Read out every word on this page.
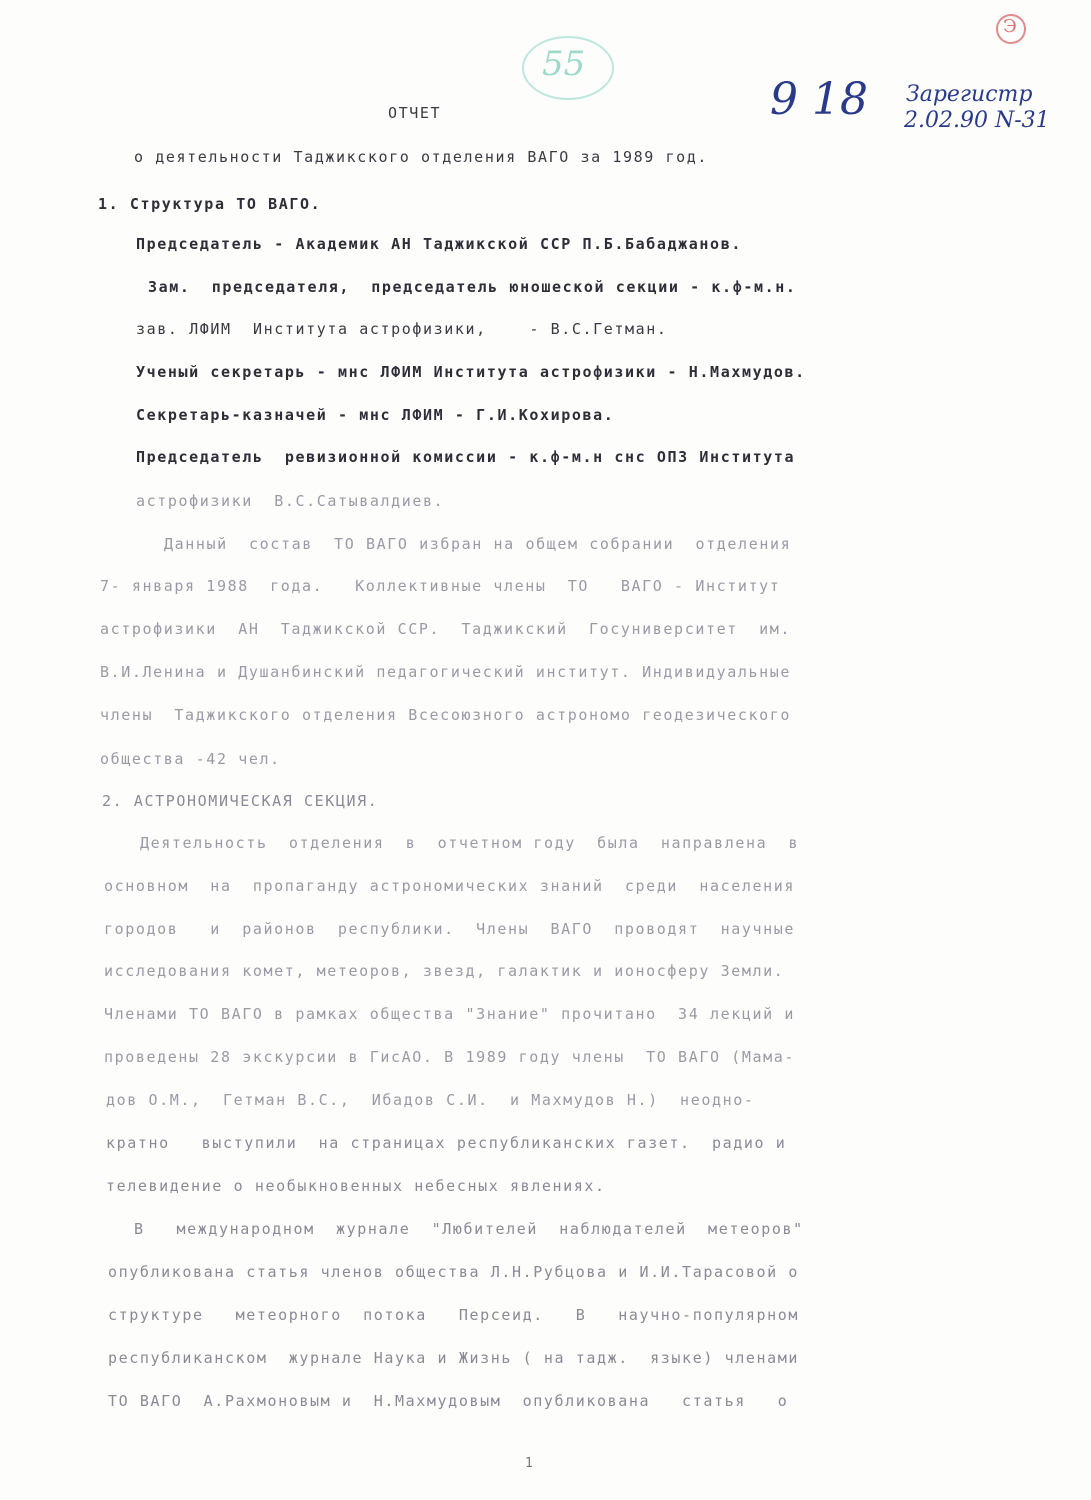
55
Э
9 18 Зарегистр
2.02.90 N-31
ОТЧЕТ
о деятельности Таджикского отделения ВАГО за 1989 год.
1. Структура ТО ВАГО.
Председатель - Академик АН Таджикской ССР П.Б.Бабаджанов.
Зам.  председателя,  председатель юношеской секции - к.ф-м.н.
зав. ЛФИМ  Института астрофизики,    - В.С.Гетман.
Ученый секретарь - мнс ЛФИМ Института астрофизики - Н.Махмудов.
Секретарь-казначей - мнс ЛФИМ - Г.И.Кохирова.
Председатель  ревизионной комиссии - к.ф-м.н снс ОПЗ Института
астрофизики  В.С.Сатывалдиев.
Данный  состав  ТО ВАГО избран на общем собрании  отделения
7- января 1988  года.   Коллективные члены  ТО   ВАГО - Институт
астрофизики  АН  Таджикской ССР.  Таджикский  Госуниверситет  им.
В.И.Ленина и Душанбинский педагогический институт. Индивидуальные
члены  Таджикского отделения Всесоюзного астрономо геодезического
общества -42 чел.
2. АСТРОНОМИЧЕСКАЯ СЕКЦИЯ.
Деятельность  отделения  в  отчетном году  была  направлена  в
основном  на  пропаганду астрономических знаний  среди  населения
городов   и  районов  республики.  Члены  ВАГО  проводят  научные
исследования комет, метеоров, звезд, галактик и ионосферу Земли.
Членами ТО ВАГО в рамках общества "Знание" прочитано  34 лекций и
проведены 28 экскурсии в ГисАО. В 1989 году члены  ТО ВАГО (Мама-
дов О.М.,  Гетман В.С.,  Ибадов С.И.  и Махмудов Н.)  неодно-
кратно   выступили  на страницах республиканских газет.  радио и
телевидение о необыкновенных небесных явлениях.
В   международном  журнале  "Любителей  наблюдателей  метеоров"
опубликована статья членов общества Л.Н.Рубцова и И.И.Тарасовой о
структуре   метеорного  потока   Персеид.   В   научно-популярном
республиканском  журнале Наука и Жизнь ( на тадж.  языке) членами
ТО ВАГО  А.Рахмоновым и  Н.Махмудовым  опубликована   статья   о
1
